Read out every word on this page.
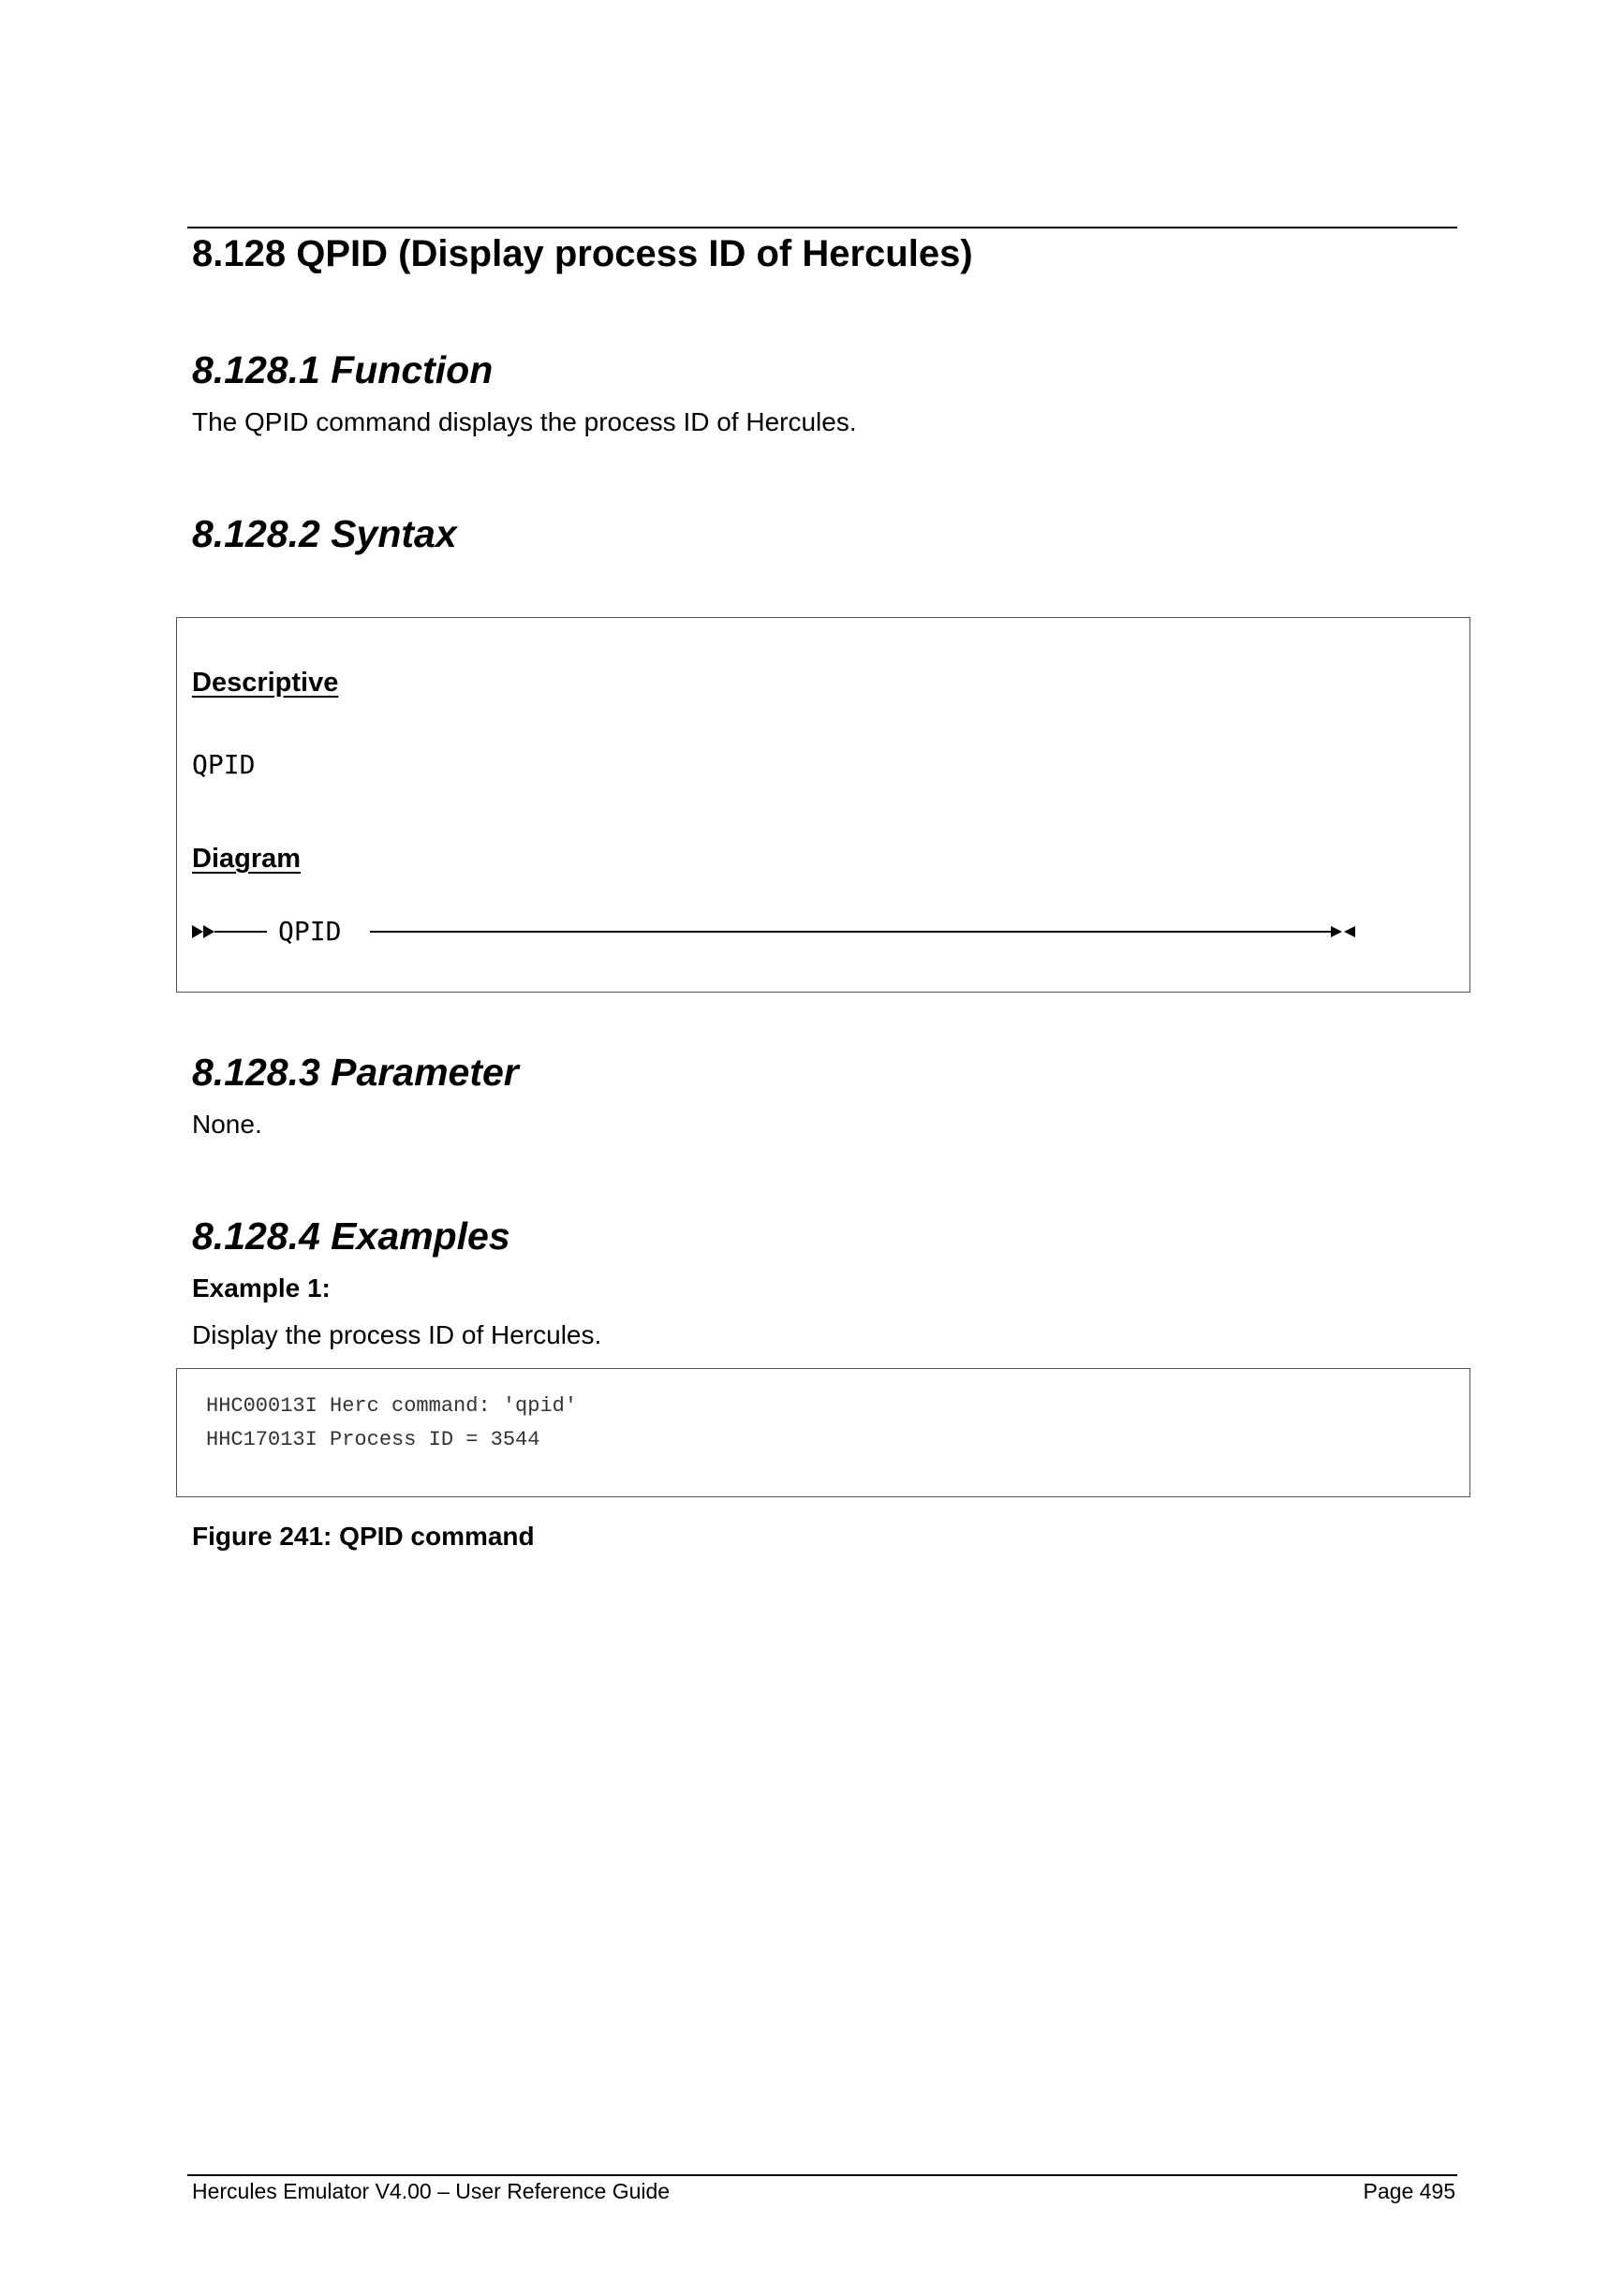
8.128 QPID (Display process ID of Hercules)
8.128.1 Function

The QPID command displays the process ID of Hercules.

8.128.2 Syntax
Descriptive
QPID
Diagram
QPID
8.128.3 Parameter

None.

8.128.4 Examples

Example 1:

Display the process ID of Hercules.

HHC00013I Herc command: 'qpid'
HHC17013I Process ID = 3544

Figure 241: QPID command

Hercules Emulator V4.00 – User Reference Guide	Page 495
